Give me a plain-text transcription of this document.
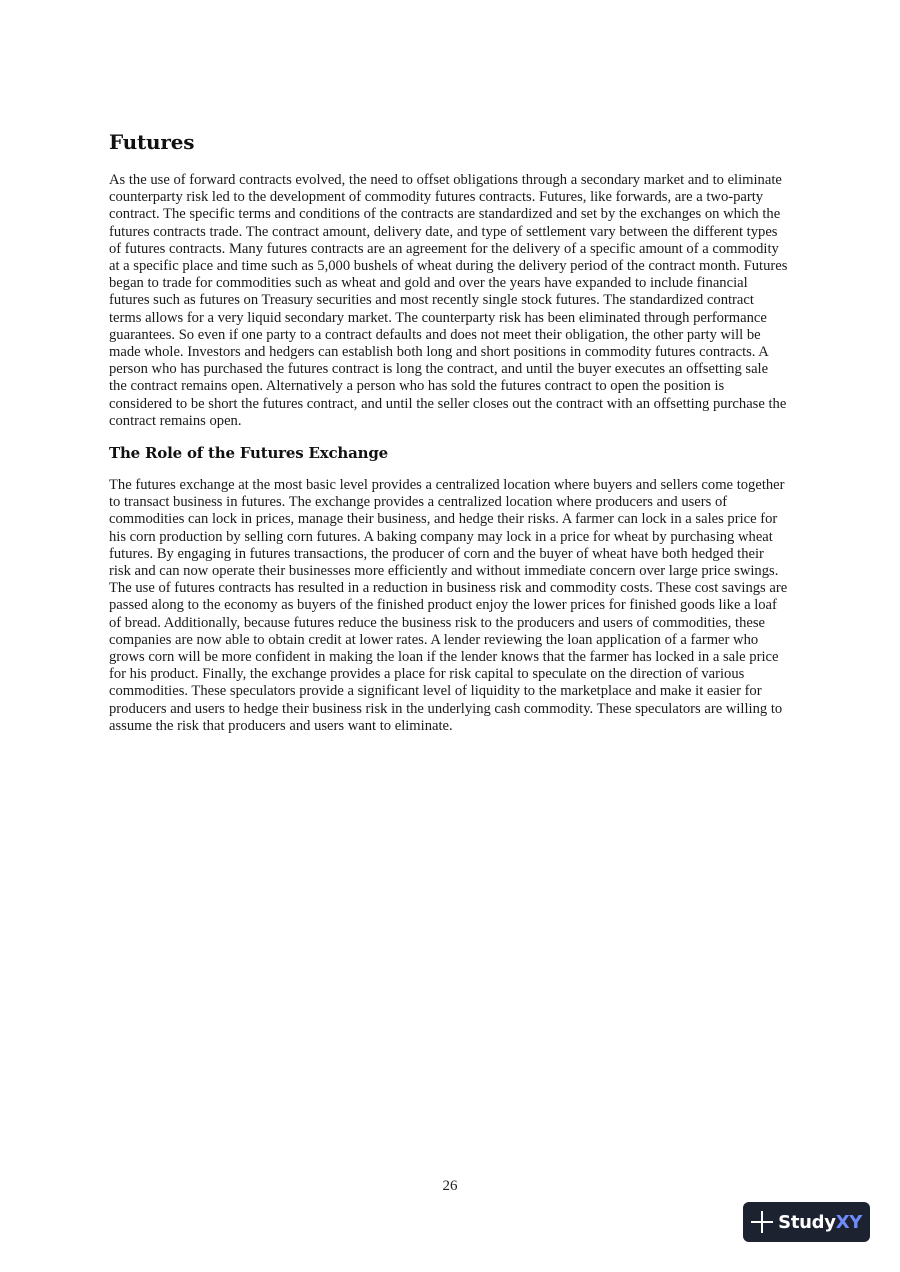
Futures

As the use of forward contracts evolved, the need to offset obligations through a secondary market and to eliminate counterparty risk led to the development of commodity futures contracts. Futures, like forwards, are a two-party contract. The specific terms and conditions of the contracts are standardized and set by the exchanges on which the futures contracts trade. The contract amount, delivery date, and type of settlement vary between the different types of futures contracts. Many futures contracts are an agreement for the delivery of a specific amount of a commodity at a specific place and time such as 5,000 bushels of wheat during the delivery period of the contract month. Futures began to trade for commodities such as wheat and gold and over the years have expanded to include financial futures such as futures on Treasury securities and most recently single stock futures. The standardized contract terms allows for a very liquid secondary market. The counterparty risk has been eliminated through performance guarantees. So even if one party to a contract defaults and does not meet their obligation, the other party will be made whole. Investors and hedgers can establish both long and short positions in commodity futures contracts. A person who has purchased the futures contract is long the contract, and until the buyer executes an offsetting sale the contract remains open. Alternatively a person who has sold the futures contract to open the position is considered to be short the futures contract, and until the seller closes out the contract with an offsetting purchase the contract remains open.

The Role of the Futures Exchange

The futures exchange at the most basic level provides a centralized location where buyers and sellers come together to transact business in futures. The exchange provides a centralized location where producers and users of commodities can lock in prices, manage their business, and hedge their risks. A farmer can lock in a sales price for his corn production by selling corn futures. A baking company may lock in a price for wheat by purchasing wheat futures. By engaging in futures transactions, the producer of corn and the buyer of wheat have both hedged their risk and can now operate their businesses more efficiently and without immediate concern over large price swings. The use of futures contracts has resulted in a reduction in business risk and commodity costs. These cost savings are passed along to the economy as buyers of the finished product enjoy the lower prices for finished goods like a loaf of bread. Additionally, because futures reduce the business risk to the producers and users of commodities, these companies are now able to obtain credit at lower rates. A lender reviewing the loan application of a farmer who grows corn will be more confident in making the loan if the lender knows that the farmer has locked in a sale price for his product. Finally, the exchange provides a place for risk capital to speculate on the direction of various commodities. These speculators provide a significant level of liquidity to the marketplace and make it easier for producers and users to hedge their business risk in the underlying cash commodity. These speculators are willing to assume the risk that producers and users want to eliminate.

26
StudyXY
